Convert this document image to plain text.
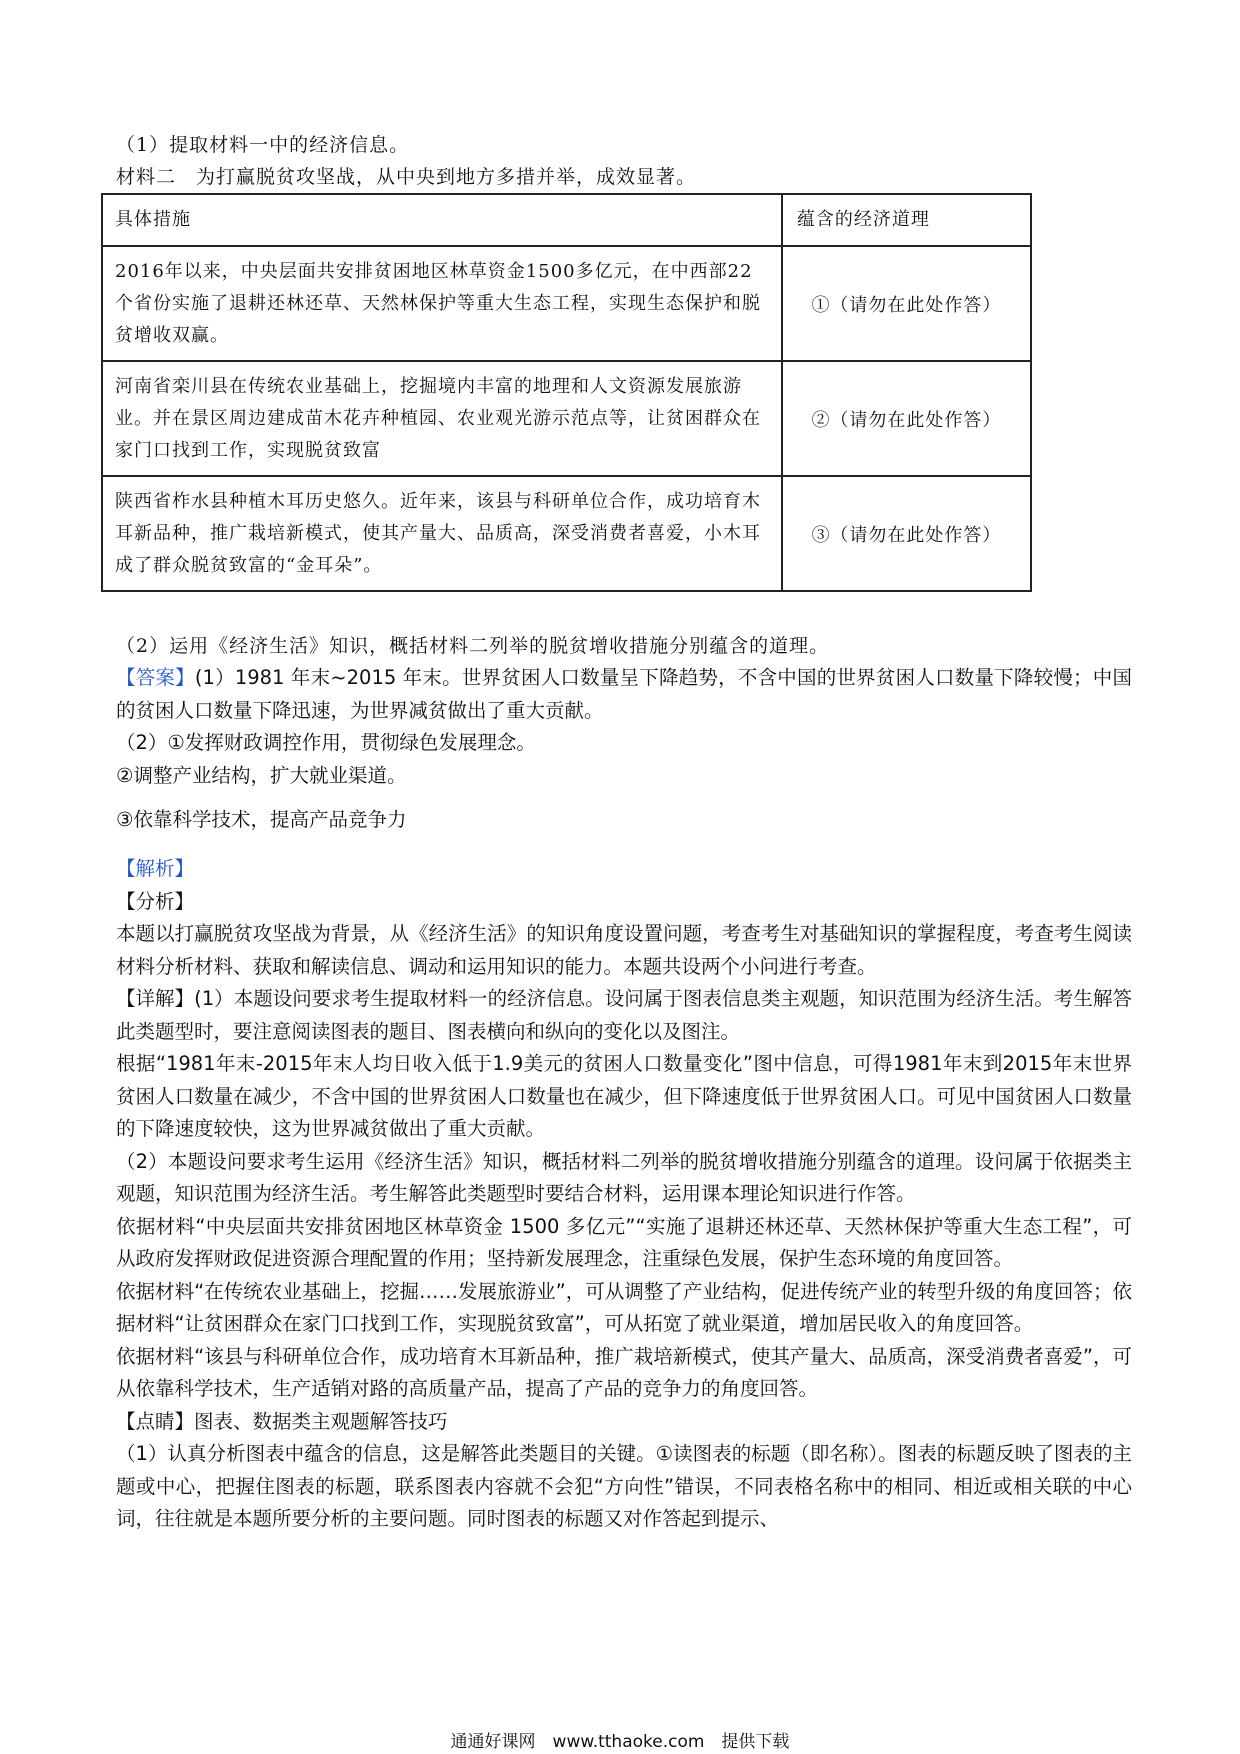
（1）提取材料一中的经济信息。
材料二　为打赢脱贫攻坚战，从中央到地方多措并举，成效显著。
具体措施	蕴含的经济道理
2016年以来，中央层面共安排贫困地区林草资金1500多亿元，在中西部22个省份实施了退耕还林还草、天然林保护等重大生态工程，实现生态保护和脱贫增收双赢。	①（请勿在此处作答）
河南省栾川县在传统农业基础上，挖掘境内丰富的地理和人文资源发展旅游业。并在景区周边建成苗木花卉种植园、农业观光游示范点等，让贫困群众在家门口找到工作，实现脱贫致富	②（请勿在此处作答）
陕西省柞水县种植木耳历史悠久。近年来，该县与科研单位合作，成功培育木耳新品种，推广栽培新模式，使其产量大、品质高，深受消费者喜爱，小木耳成了群众脱贫致富的“金耳朵”。	③（请勿在此处作答）
（2）运用《经济生活》知识，概括材料二列举的脱贫增收措施分别蕴含的道理。

【答案】(1）1981 年末~2015 年末。世界贫困人口数量呈下降趋势，不含中国的世界贫困人口数量下降较慢；中国的贫困人口数量下降迅速，为世界减贫做出了重大贡献。

（2）①发挥财政调控作用，贯彻绿色发展理念。

②调整产业结构，扩大就业渠道。

③依靠科学技术，提高产品竞争力

【解析】

【分析】

本题以打赢脱贫攻坚战为背景，从《经济生活》的知识角度设置问题，考查考生对基础知识的掌握程度，考查考生阅读材料分析材料、获取和解读信息、调动和运用知识的能力。本题共设两个小问进行考查。

【详解】(1）本题设问要求考生提取材料一的经济信息。设问属于图表信息类主观题，知识范围为经济生活。考生解答此类题型时，要注意阅读图表的题目、图表横向和纵向的变化以及图注。

根据“1981年末-2015年末人均日收入低于1.9美元的贫困人口数量变化”图中信息，可得1981年末到2015年末世界贫困人口数量在减少，不含中国的世界贫困人口数量也在减少，但下降速度低于世界贫困人口。可见中国贫困人口数量的下降速度较快，这为世界减贫做出了重大贡献。

（2）本题设问要求考生运用《经济生活》知识，概括材料二列举的脱贫增收措施分别蕴含的道理。设问属于依据类主观题，知识范围为经济生活。考生解答此类题型时要结合材料，运用课本理论知识进行作答。

依据材料“中央层面共安排贫困地区林草资金 1500 多亿元”“实施了退耕还林还草、天然林保护等重大生态工程”，可从政府发挥财政促进资源合理配置的作用；坚持新发展理念，注重绿色发展，保护生态环境的角度回答。

依据材料“在传统农业基础上，挖掘……发展旅游业”，可从调整了产业结构，促进传统产业的转型升级的角度回答；依据材料“让贫困群众在家门口找到工作，实现脱贫致富”，可从拓宽了就业渠道，增加居民收入的角度回答。

依据材料“该县与科研单位合作，成功培育木耳新品种，推广栽培新模式，使其产量大、品质高，深受消费者喜爱”，可从依靠科学技术，生产适销对路的高质量产品，提高了产品的竞争力的角度回答。

【点睛】图表、数据类主观题解答技巧

（1）认真分析图表中蕴含的信息，这是解答此类题目的关键。①读图表的标题（即名称）。图表的标题反映了图表的主题或中心，把握住图表的标题，联系图表内容就不会犯“方向性”错误，不同表格名称中的相同、相近或相关联的中心词，往往就是本题所要分析的主要问题。同时图表的标题又对作答起到提示、

通通好课网　www.tthaoke.com　提供下载
